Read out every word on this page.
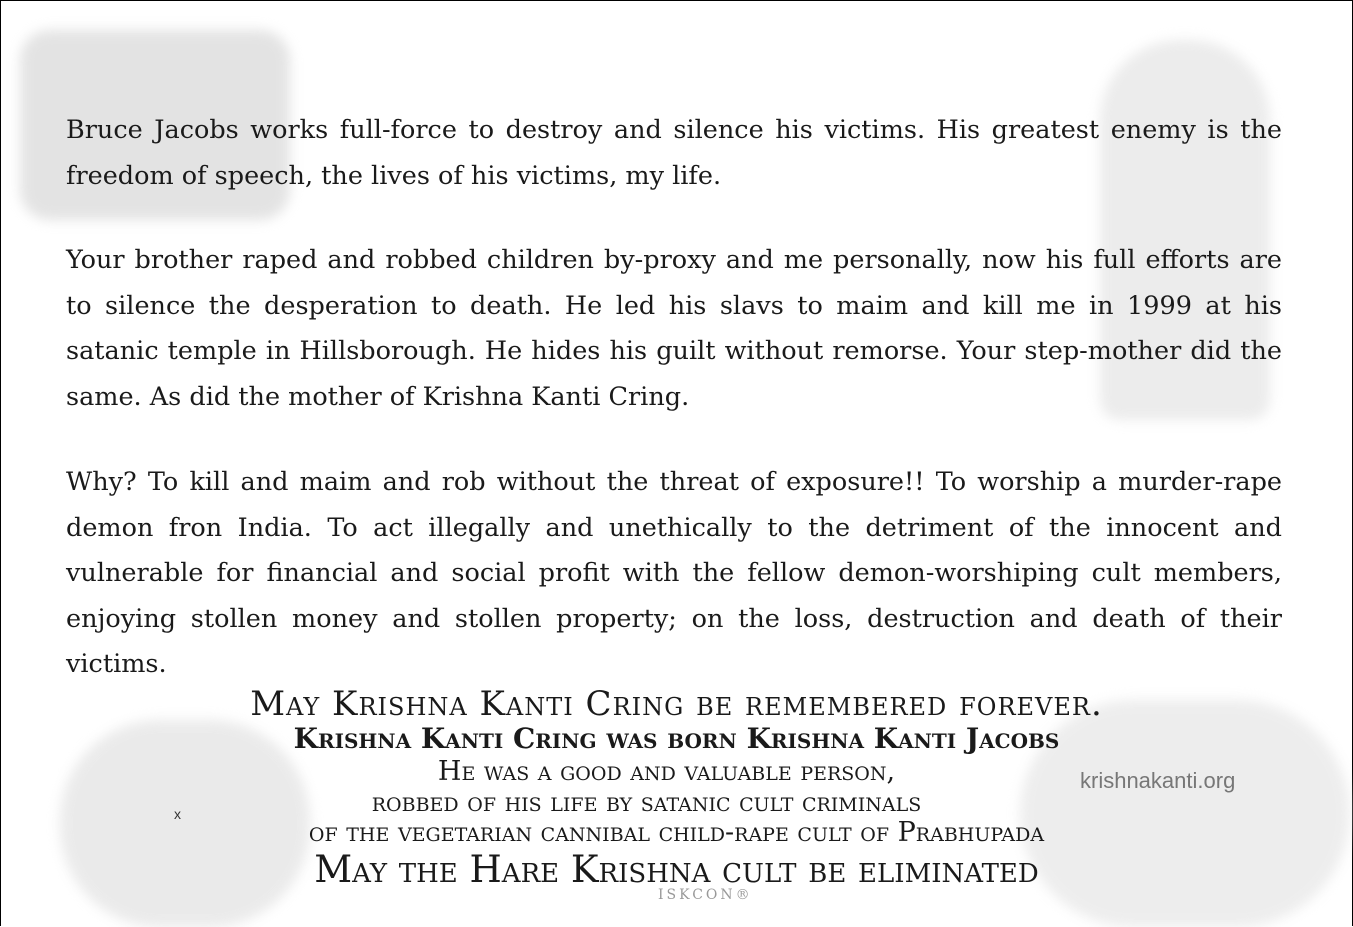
Bruce Jacobs works full-force to destroy and silence his victims. His greatest enemy is the freedom of speech, the lives of his victims, my life.
Your brother raped and robbed children by-proxy and me personally, now his full efforts are to silence the desperation to death. He led his slavs to maim and kill me in 1999 at his satanic temple in Hillsborough. He hides his guilt without remorse. Your step-mother did the same. As did the mother of Krishna Kanti Cring.
Why? To kill and maim and rob without the threat of exposure!! To worship a murder-rape demon fron India. To act illegally and unethically to the detriment of the innocent and vulnerable for financial and social profit with the fellow demon-worshiping cult members, enjoying stollen money and stollen property; on the loss, destruction and death of their victims.
May Krishna Kanti Cring be remembered forever.
Krishna Kanti Cring was born Krishna Kanti Jacobs
He was a good and valuable person,
robbed of his life by satanic cult criminals
of the vegetarian cannibal child-rape cult of Prabhupada
May the Hare Krishna cult be eliminated
krishnakanti.org
x
ISKCON®
